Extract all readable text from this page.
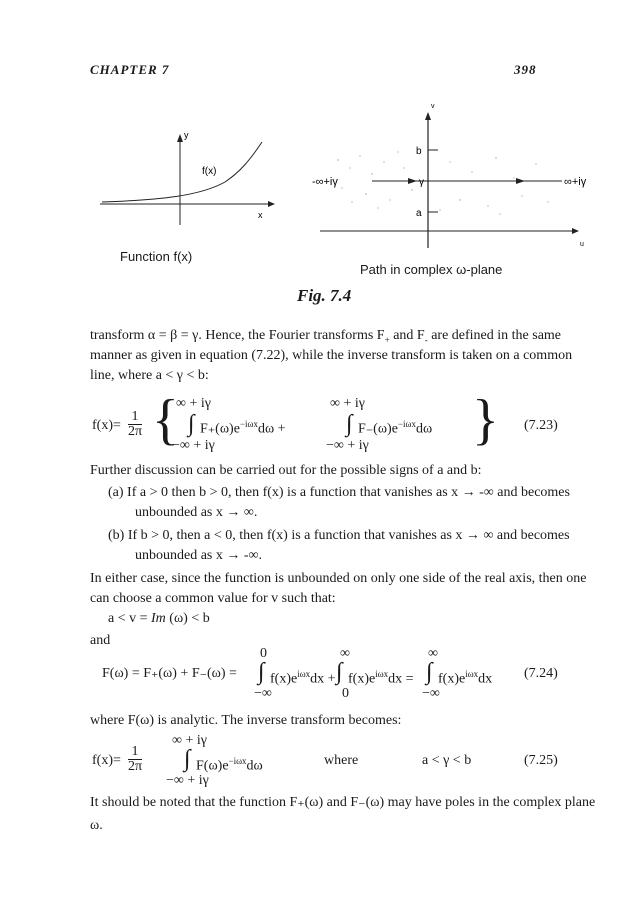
CHAPTER 7	398
y
x
f(x)
Function f(x)
v
u
b
a
γ
-∞+iγ	∞+iγ
Path in complex ω-plane
Fig. 7.4
transform α = β = γ. Hence, the Fourier transforms $F_+$ and $F_-$ are defined in the same
manner as given in equation (7.22), while the inverse transform is taken on a common
line, where a < γ < b:
$f(x)= \frac{1}{2\pi}$ {
∞ + iγ
∫ $F_+(\omega)e^{-i\omega x}d\omega$ +
−∞ + iγ
∞ + iγ
∫ $F_-(\omega)e^{-i\omega x}d\omega$
−∞ + iγ } (7.23)
Further discussion can be carried out for the possible signs of a and b:
(a) If a > 0 then b > 0, then f(x) is a function that vanishes as x → -∞ and becomes
unbounded as x → ∞.
(b) If b > 0, then a < 0, then f(x) is a function that vanishes as x → ∞ and becomes
unbounded as x → -∞.
In either case, since the function is unbounded on only one side of the real axis, then one
can choose a common value for v such that:
a < v = Im (ω) < b
and
F(ω) = F₊(ω) + F₋(ω) =
0
∫ $f(x)e^{i\omega x}dx$ +
−∞
∞
∫ $f(x)e^{i\omega x}dx$ =
0
∞
∫ $f(x)e^{i\omega x}dx$
−∞
(7.24)
where F(ω) is analytic. The inverse transform becomes:
$f(x)= \frac{1}{2\pi}$
∞ + iγ
∫ $F(\omega)e^{-i\omega x}d\omega$
−∞ + iγ
where	a < γ < b	(7.25)
It should be noted that the function F₊(ω) and F₋(ω) may have poles in the complex plane
ω.
